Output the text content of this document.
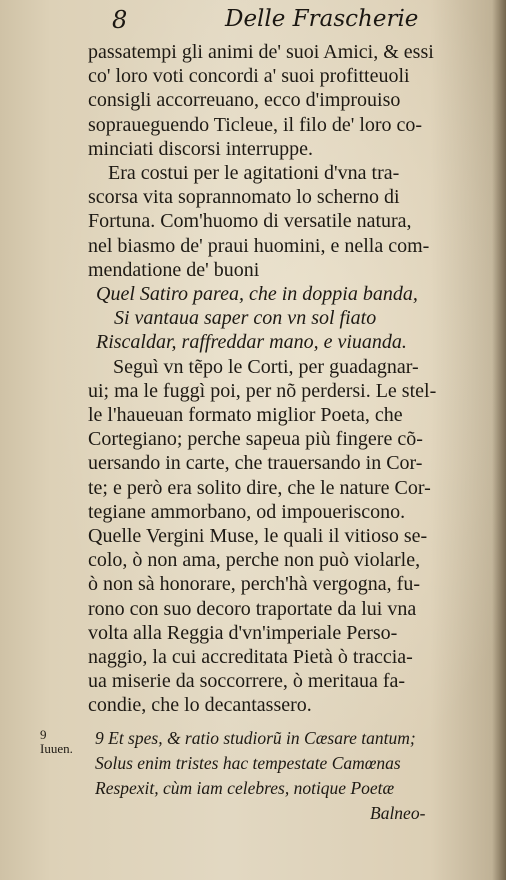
8	Delle Frascherie
passatempi gli animi de' suoi Amici, & essi
co' loro voti concordi a' suoi profitteuoli
consigli accorreuano, ecco d'improuiso
sopraueguendo Ticleue, il filo de' loro co-
minciati discorsi interruppe.
Era costui per le agitationi d'vna tra-
scorsa vita soprannomato lo scherno di
Fortuna. Com'huomo di versatile natura,
nel biasmo de' praui huomini, e nella com-
mendatione de' buoni
Quel Satiro parea, che in doppia banda,
Si vantaua saper con vn sol fiato
Riscaldar, raffreddar mano, e viuanda.
Seguì vn tẽpo le Corti, per guadagnar-
ui; ma le fuggì poi, per nõ perdersi. Le stel-
le l'haueuan formato miglior Poeta, che
Cortegiano; perche sapeua più fingere cõ-
uersando in carte, che trauersando in Cor-
te; e però era solito dire, che le nature Cor-
tegiane ammorbano, od impouerisconо.
Quelle Vergini Muse, le quali il vitioso se-
colo, ò non ama, perche non può violarle,
ò non sà honorare, perch'hà vergogna, fu-
rono con suo decoro traportate da lui vna
volta alla Reggia d'vn'imperiale Perso-
naggio, la cui accreditata Pietà ò traccia-
ua miserie da soccorrere, ò meritaua fa-
condie, che lo decantassero.
9
Iuuen.
9 Et spes, & ratio studiorũ in Cæsare tantum;
Solus enim tristes hac tempestate Camœnas
Respexit, cùm iam celebres, notique Poetæ
Balneo-
